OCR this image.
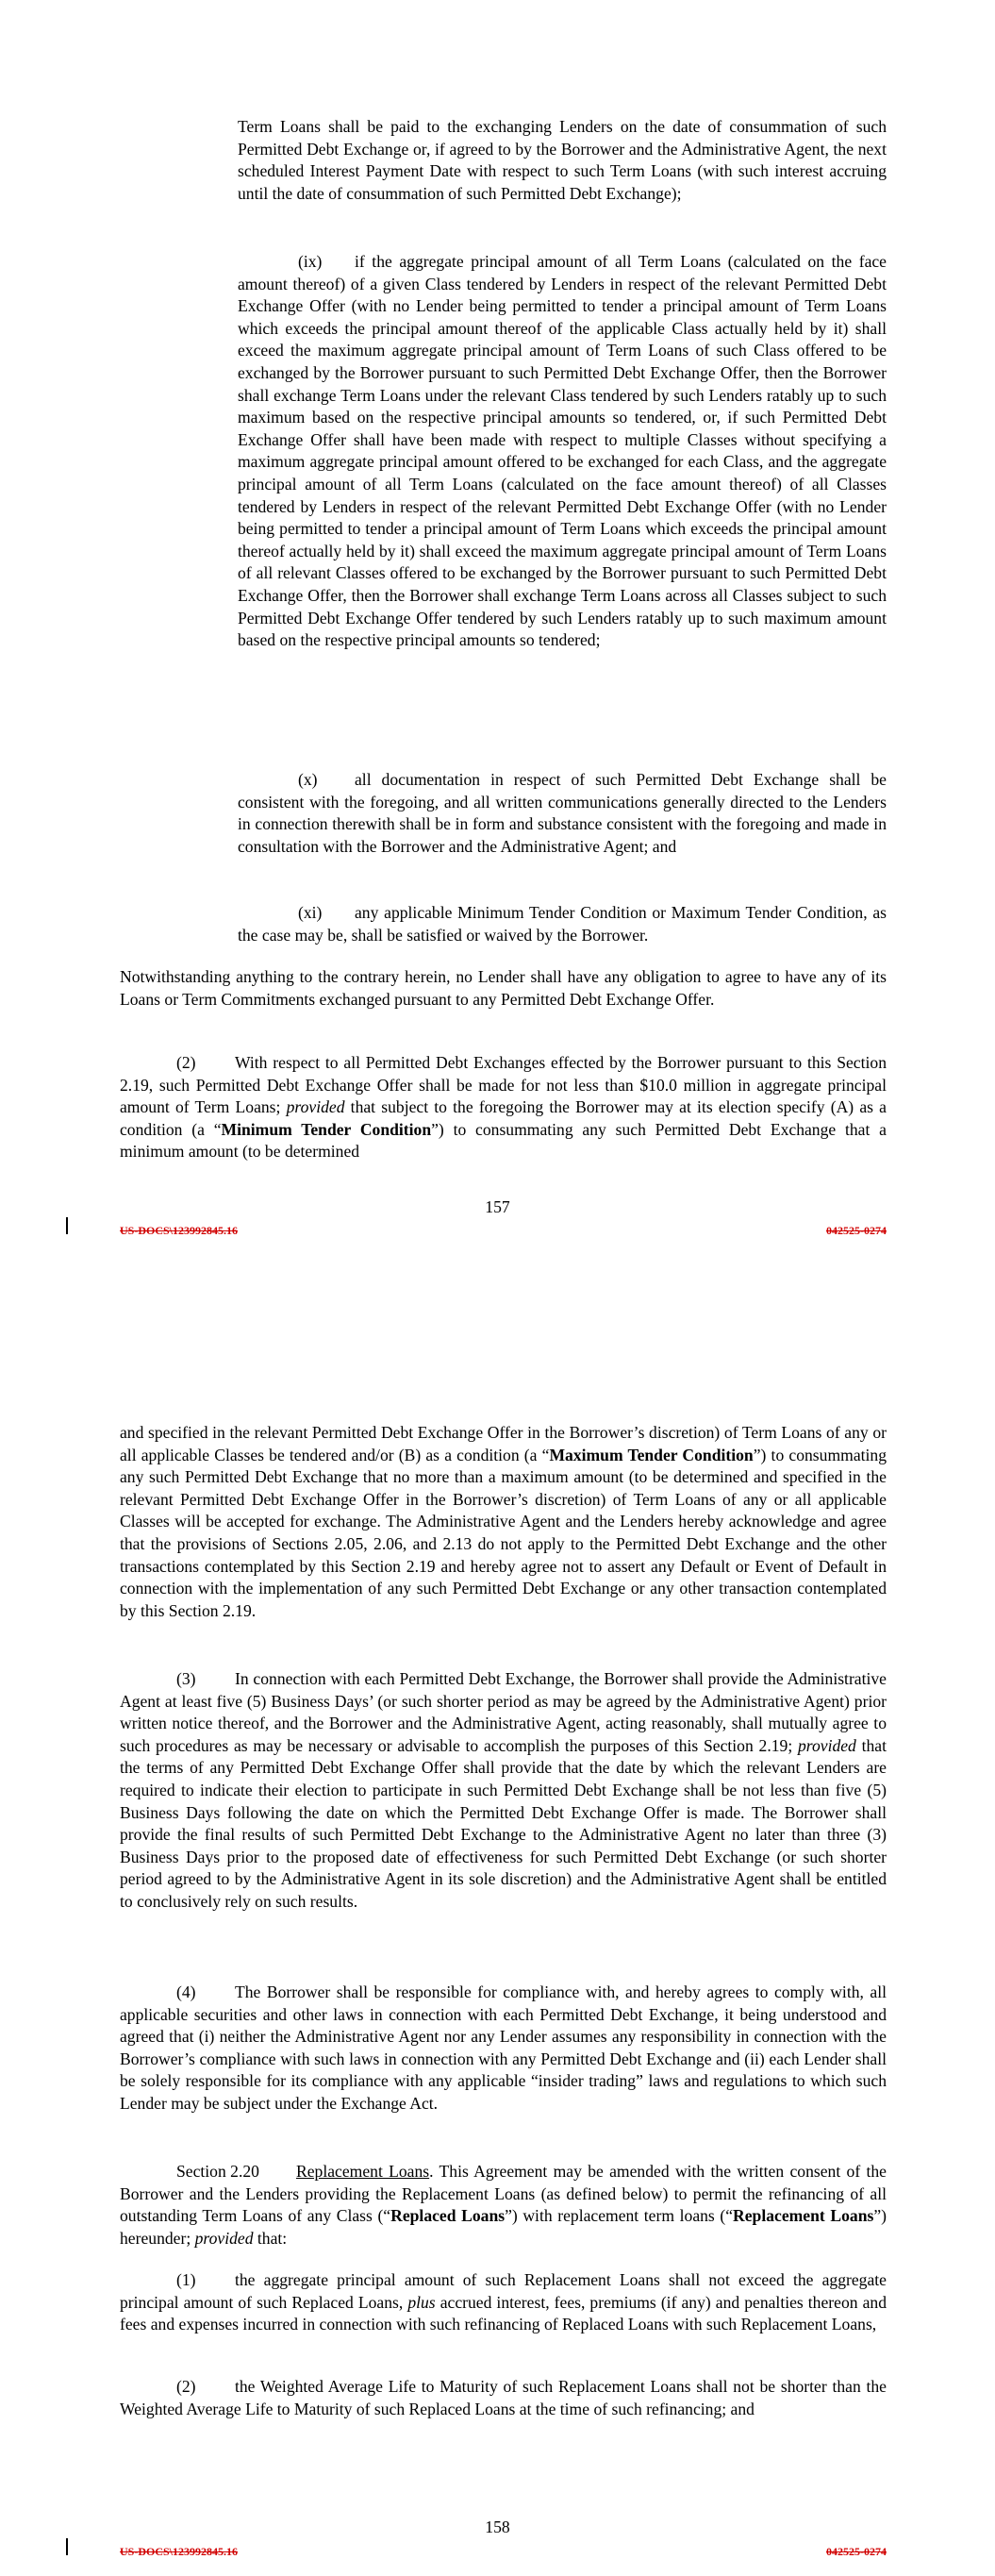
Term Loans shall be paid to the exchanging Lenders on the date of consummation of such Permitted Debt Exchange or, if agreed to by the Borrower and the Administrative Agent, the next scheduled Interest Payment Date with respect to such Term Loans (with such interest accruing until the date of consummation of such Permitted Debt Exchange);

(ix) if the aggregate principal amount of all Term Loans (calculated on the face amount thereof) of a given Class tendered by Lenders in respect of the relevant Permitted Debt Exchange Offer (with no Lender being permitted to tender a principal amount of Term Loans which exceeds the principal amount thereof of the applicable Class actually held by it) shall exceed the maximum aggregate principal amount of Term Loans of such Class offered to be exchanged by the Borrower pursuant to such Permitted Debt Exchange Offer, then the Borrower shall exchange Term Loans under the relevant Class tendered by such Lenders ratably up to such maximum based on the respective principal amounts so tendered, or, if such Permitted Debt Exchange Offer shall have been made with respect to multiple Classes without specifying a maximum aggregate principal amount offered to be exchanged for each Class, and the aggregate principal amount of all Term Loans (calculated on the face amount thereof) of all Classes tendered by Lenders in respect of the relevant Permitted Debt Exchange Offer (with no Lender being permitted to tender a principal amount of Term Loans which exceeds the principal amount thereof actually held by it) shall exceed the maximum aggregate principal amount of Term Loans of all relevant Classes offered to be exchanged by the Borrower pursuant to such Permitted Debt Exchange Offer, then the Borrower shall exchange Term Loans across all Classes subject to such Permitted Debt Exchange Offer tendered by such Lenders ratably up to such maximum amount based on the respective principal amounts so tendered;

(x) all documentation in respect of such Permitted Debt Exchange shall be consistent with the foregoing, and all written communications generally directed to the Lenders in connection therewith shall be in form and substance consistent with the foregoing and made in consultation with the Borrower and the Administrative Agent; and

(xi) any applicable Minimum Tender Condition or Maximum Tender Condition, as the case may be, shall be satisfied or waived by the Borrower.

Notwithstanding anything to the contrary herein, no Lender shall have any obligation to agree to have any of its Loans or Term Commitments exchanged pursuant to any Permitted Debt Exchange Offer.

(2) With respect to all Permitted Debt Exchanges effected by the Borrower pursuant to this Section 2.19, such Permitted Debt Exchange Offer shall be made for not less than $10.0 million in aggregate principal amount of Term Loans; provided that subject to the foregoing the Borrower may at its election specify (A) as a condition (a “Minimum Tender Condition”) to consummating any such Permitted Debt Exchange that a minimum amount (to be determined

157
US-DOCS\123992845.16	042525-0274

and specified in the relevant Permitted Debt Exchange Offer in the Borrower’s discretion) of Term Loans of any or all applicable Classes be tendered and/or (B) as a condition (a “Maximum Tender Condition”) to consummating any such Permitted Debt Exchange that no more than a maximum amount (to be determined and specified in the relevant Permitted Debt Exchange Offer in the Borrower’s discretion) of Term Loans of any or all applicable Classes will be accepted for exchange. The Administrative Agent and the Lenders hereby acknowledge and agree that the provisions of Sections 2.05, 2.06, and 2.13 do not apply to the Permitted Debt Exchange and the other transactions contemplated by this Section 2.19 and hereby agree not to assert any Default or Event of Default in connection with the implementation of any such Permitted Debt Exchange or any other transaction contemplated by this Section 2.19.

(3) In connection with each Permitted Debt Exchange, the Borrower shall provide the Administrative Agent at least five (5) Business Days’ (or such shorter period as may be agreed by the Administrative Agent) prior written notice thereof, and the Borrower and the Administrative Agent, acting reasonably, shall mutually agree to such procedures as may be necessary or advisable to accomplish the purposes of this Section 2.19; provided that the terms of any Permitted Debt Exchange Offer shall provide that the date by which the relevant Lenders are required to indicate their election to participate in such Permitted Debt Exchange shall be not less than five (5) Business Days following the date on which the Permitted Debt Exchange Offer is made. The Borrower shall provide the final results of such Permitted Debt Exchange to the Administrative Agent no later than three (3) Business Days prior to the proposed date of effectiveness for such Permitted Debt Exchange (or such shorter period agreed to by the Administrative Agent in its sole discretion) and the Administrative Agent shall be entitled to conclusively rely on such results.

(4) The Borrower shall be responsible for compliance with, and hereby agrees to comply with, all applicable securities and other laws in connection with each Permitted Debt Exchange, it being understood and agreed that (i) neither the Administrative Agent nor any Lender assumes any responsibility in connection with the Borrower’s compliance with such laws in connection with any Permitted Debt Exchange and (ii) each Lender shall be solely responsible for its compliance with any applicable “insider trading” laws and regulations to which such Lender may be subject under the Exchange Act.

Section 2.20 Replacement Loans. This Agreement may be amended with the written consent of the Borrower and the Lenders providing the Replacement Loans (as defined below) to permit the refinancing of all outstanding Term Loans of any Class (“Replaced Loans”) with replacement term loans (“Replacement Loans”) hereunder; provided that:

(1) the aggregate principal amount of such Replacement Loans shall not exceed the aggregate principal amount of such Replaced Loans, plus accrued interest, fees, premiums (if any) and penalties thereon and fees and expenses incurred in connection with such refinancing of Replaced Loans with such Replacement Loans,

(2) the Weighted Average Life to Maturity of such Replacement Loans shall not be shorter than the Weighted Average Life to Maturity of such Replaced Loans at the time of such refinancing; and

158
US-DOCS\123992845.16	042525-0274
